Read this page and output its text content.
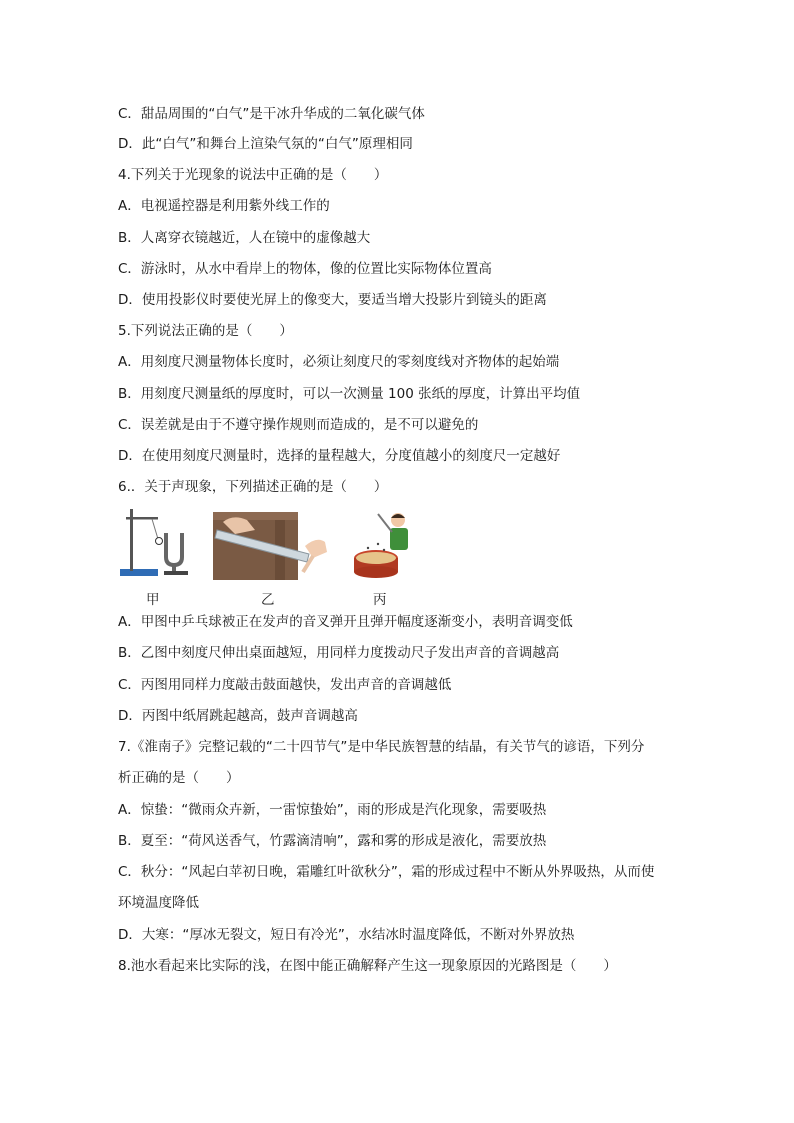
C．甜品周围的“白气”是干冰升华成的二氧化碳气体
D．此“白气”和舞台上渲染气氛的“白气”原理相同
4.下列关于光现象的说法中正确的是（　　）
A．电视遥控器是利用紫外线工作的
B．人离穿衣镜越近，人在镜中的虚像越大
C．游泳时，从水中看岸上的物体，像的位置比实际物体位置高
D．使用投影仪时要使光屏上的像变大，要适当增大投影片到镜头的距离
5.下列说法正确的是（　　）
A．用刻度尺测量物体长度时，必须让刻度尺的零刻度线对齐物体的起始端
B．用刻度尺测量纸的厚度时，可以一次测量 100 张纸的厚度，计算出平均值
C．误差就是由于不遵守操作规则而造成的，是不可以避免的
D．在使用刻度尺测量时，选择的量程越大，分度值越小的刻度尺一定越好
6.．关于声现象，下列描述正确的是（　　）
甲	乙	丙
A．甲图中乒乓球被正在发声的音叉弹开且弹开幅度逐渐变小，表明音调变低
B．乙图中刻度尺伸出桌面越短，用同样力度拨动尺子发出声音的音调越高
C．丙图用同样力度敲击鼓面越快，发出声音的音调越低
D．丙图中纸屑跳起越高，鼓声音调越高
7.《淮南子》完整记载的“二十四节气”是中华民族智慧的结晶，有关节气的谚语，下列分
析正确的是（　　）
A．惊蛰：“微雨众卉新，一雷惊蛰始”，雨的形成是汽化现象，需要吸热
B．夏至：“荷风送香气，竹露滴清响”，露和雾的形成是液化，需要放热
C．秋分：“风起白苹初日晚，霜雕红叶欲秋分”，霜的形成过程中不断从外界吸热，从而使
环境温度降低
D．大寒：“厚冰无裂文，短日有冷光”，水结冰时温度降低，不断对外界放热
8.池水看起来比实际的浅，在图中能正确解释产生这一现象原因的光路图是（　　）
